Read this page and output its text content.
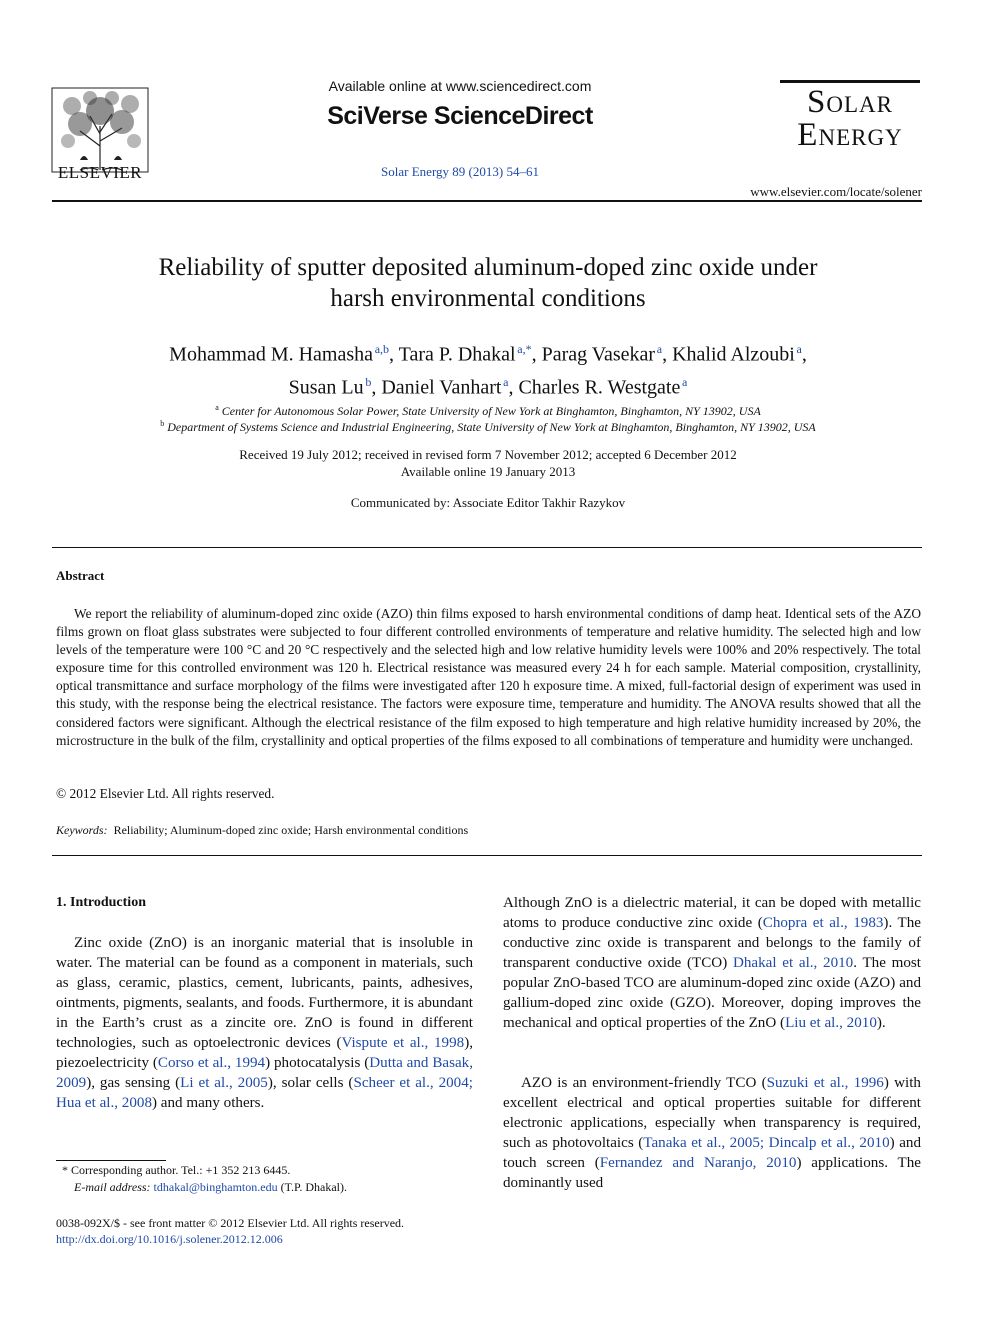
ELSEVIER
Available online at www.sciencedirect.com
SciVerse ScienceDirect
Solar Energy 89 (2013) 54–61
Solar
Energy
www.elsevier.com/locate/solener
Reliability of sputter deposited aluminum-doped zinc oxide under
harsh environmental conditions
Mohammad M. Hamasha  $^{a,b}$, Tara P. Dhakal  $^{a,*}$, Parag Vasekar  $^a$, Khalid Alzoubi  $^a$,
Susan Lu  $^b$, Daniel Vanhart  $^a$, Charles R. Westgate  $^a$
$^a$ Center for Autonomous Solar Power, State University of New York at Binghamton, Binghamton, NY 13902, USA
$^b$ Department of Systems Science and Industrial Engineering, State University of New York at Binghamton, Binghamton, NY 13902, USA
Received 19 July 2012; received in revised form 7 November 2012; accepted 6 December 2012
Available online 19 January 2013
Communicated by: Associate Editor Takhir Razykov
Abstract
We report the reliability of aluminum-doped zinc oxide (AZO) thin films exposed to harsh environmental conditions of damp heat. Identical sets of the AZO films grown on float glass substrates were subjected to four different controlled environments of temperature and relative humidity. The selected high and low levels of the temperature were 100 °C and 20 °C respectively and the selected high and low relative humidity levels were 100% and 20% respectively. The total exposure time for this controlled environment was 120 h. Electrical resistance was measured every 24 h for each sample. Material composition, crystallinity, optical transmittance and surface morphology of the films were investigated after 120 h exposure time. A mixed, full-factorial design of experiment was used in this study, with the response being the electrical resistance. The factors were exposure time, temperature and humidity. The ANOVA results showed that all the considered factors were significant. Although the electrical resistance of the film exposed to high temperature and high relative humidity increased by 20%, the microstructure in the bulk of the film, crystallinity and optical properties of the films exposed to all combinations of temperature and humidity were unchanged.
© 2012 Elsevier Ltd. All rights reserved.
Keywords: Reliability; Aluminum-doped zinc oxide; Harsh environmental conditions
1. Introduction
Zinc oxide (ZnO) is an inorganic material that is insoluble in water. The material can be found as a component in materials, such as glass, ceramic, plastics, cement, lubricants, paints, adhesives, ointments, pigments, sealants, and foods. Furthermore, it is abundant in the Earth’s crust as a zincite ore. ZnO is found in different technologies, such as optoelectronic devices (Vispute et al., 1998), piezoelectricity (Corso et al., 1994) photocatalysis (Dutta and Basak, 2009), gas sensing (Li et al., 2005), solar cells (Scheer et al., 2004; Hua et al., 2008) and many others.
Although ZnO is a dielectric material, it can be doped with metallic atoms to produce conductive zinc oxide (Chopra et al., 1983). The conductive zinc oxide is transparent and belongs to the family of transparent conductive oxide (TCO) Dhakal et al., 2010. The most popular ZnO-based TCO are aluminum-doped zinc oxide (AZO) and gallium-doped zinc oxide (GZO). Moreover, doping improves the mechanical and optical properties of the ZnO (Liu et al., 2010).
AZO is an environment-friendly TCO (Suzuki et al., 1996) with excellent electrical and optical properties suitable for different electronic applications, especially when transparency is required, such as photovoltaics (Tanaka et al., 2005; Dincalp et al., 2010) and touch screen (Fernandez and Naranjo, 2010) applications. The dominantly used
* Corresponding author. Tel.: +1 352 213 6445.
E-mail address: tdhakal@binghamton.edu (T.P. Dhakal).
0038-092X/$ - see front matter © 2012 Elsevier Ltd. All rights reserved.
http://dx.doi.org/10.1016/j.solener.2012.12.006
